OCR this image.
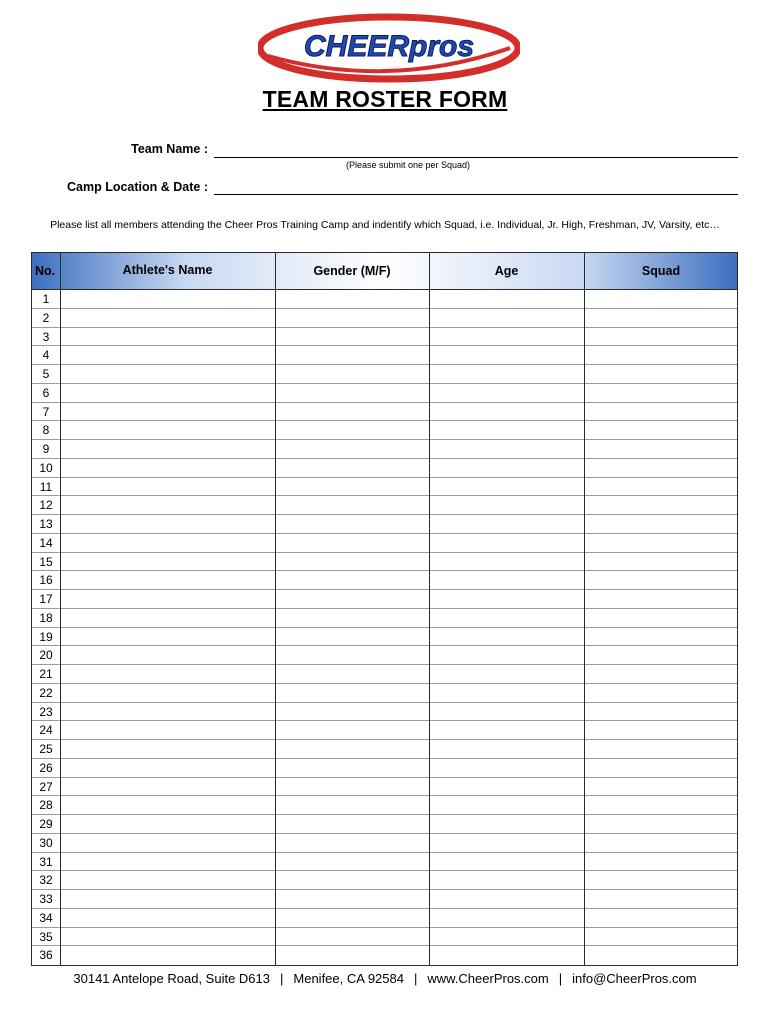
CHEERpros
TEAM ROSTER FORM
Team Name :
(Please submit one per Squad)
Camp Location & Date :
Please list all members attending the Cheer Pros Training Camp and indentify which Squad, i.e. Individual, Jr. High, Freshman, JV, Varsity, etc…
No.	Athlete's Name	Gender (M/F)	Age	Squad
1
2
3
4
5
6
7
8
9
10
11
12
13
14
15
16
17
18
19
20
21
22
23
24
25
26
27
28
29
30
31
32
33
34
35
36
30141 Antelope Road, Suite D613 | Menifee, CA 92584 | www.CheerPros.com | info@CheerPros.com
